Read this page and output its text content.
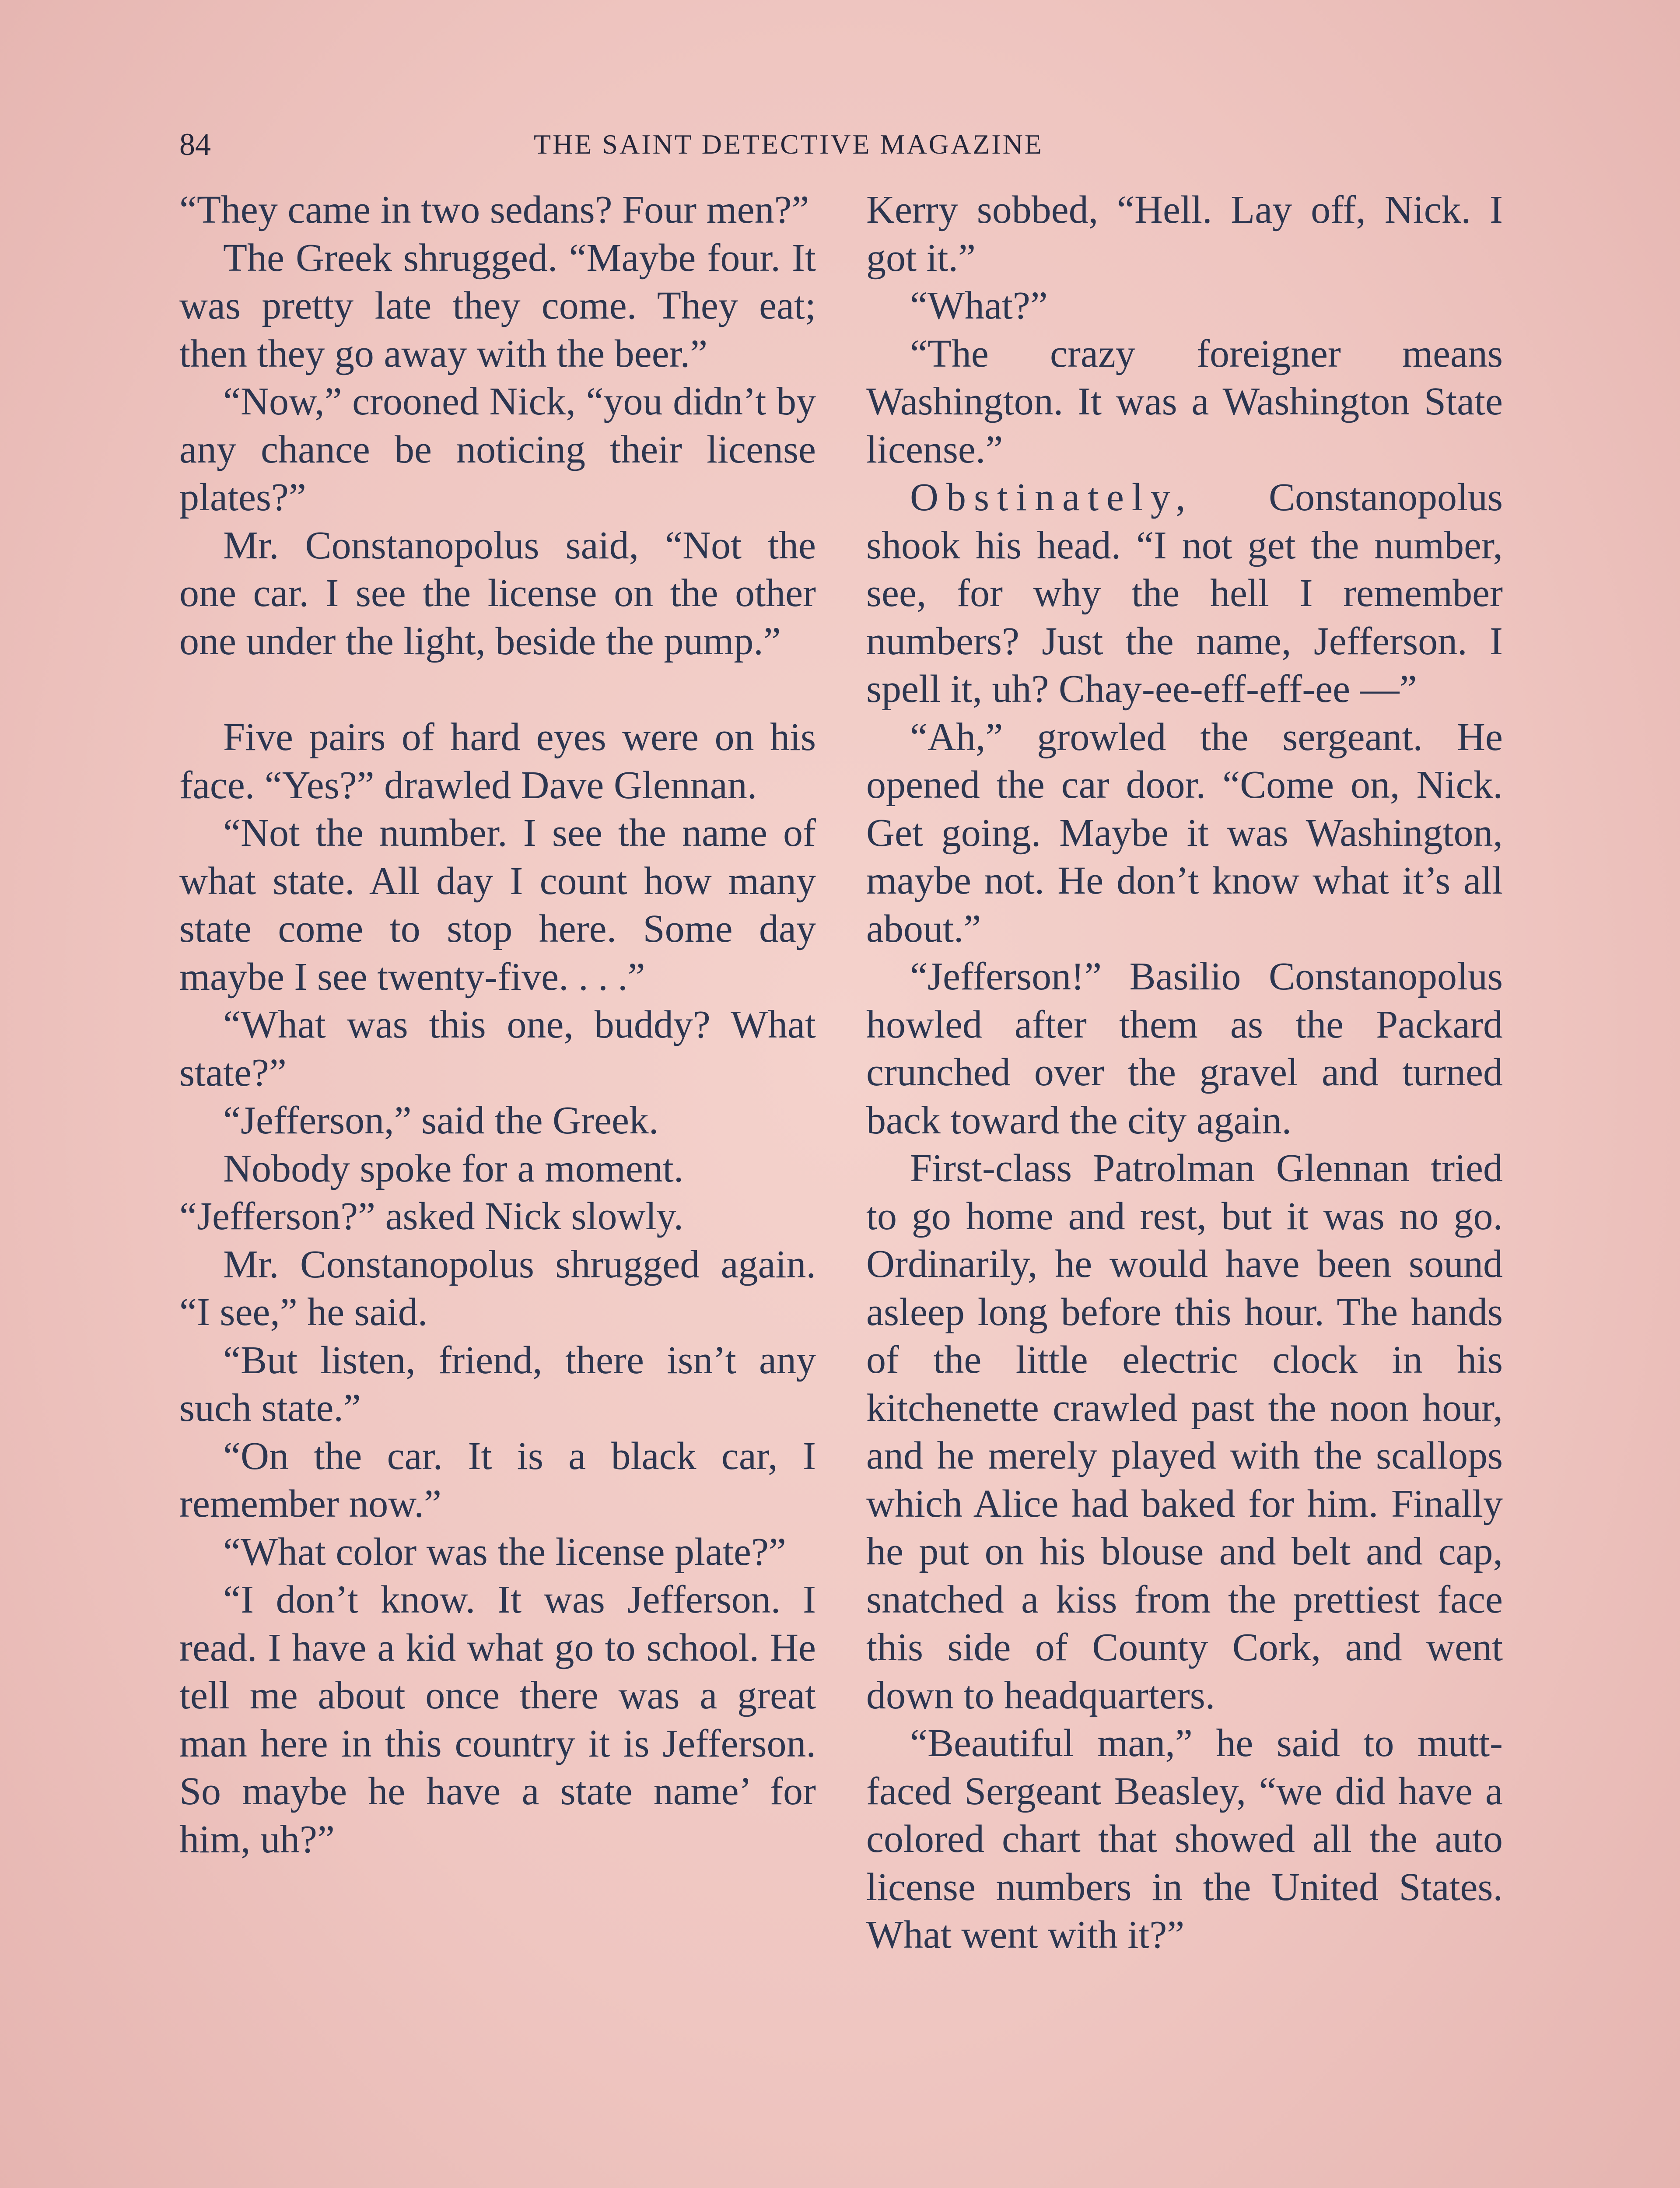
84	THE SAINT DETECTIVE MAGAZINE

“They came in two sedans? Four men?”

The Greek shrugged. “Maybe four. It was pretty late they come. They eat; then they go away with the beer.”

“Now,” crooned Nick, “you didn’t by any chance be noticing their license plates?”

Mr. Constanopolus said, “Not the one car. I see the license on the other one under the light, beside the pump.”

Five pairs of hard eyes were on his face. “Yes?” drawled Dave Glennan.

“Not the number. I see the name of what state. All day I count how many state come to stop here. Some day maybe I see twenty-five. . . .”

“What was this one, buddy? What state?”

“Jefferson,” said the Greek.

Nobody spoke for a moment.

“Jefferson?” asked Nick slowly.

Mr. Constanopolus shrugged again. “I see,” he said.

“But listen, friend, there isn’t any such state.”

“On the car. It is a black car, I remember now.”

“What color was the license plate?”

“I don’t know. It was Jefferson. I read. I have a kid what go to school. He tell me about once there was a great man here in this country it is Jefferson. So maybe he have a state name’ for him, uh?”

Kerry sobbed, “Hell. Lay off, Nick. I got it.”

“What?”

“The crazy foreigner means Washington. It was a Washington State license.”

Obstinately, Constanopolus shook his head. “I not get the number, see, for why the hell I remember numbers? Just the name, Jefferson. I spell it, uh? Chay-ee-eff-eff-ee —”

“Ah,” growled the sergeant. He opened the car door. “Come on, Nick. Get going. Maybe it was Washington, maybe not. He don’t know what it’s all about.”

“Jefferson!” Basilio Constanopolus howled after them as the Packard crunched over the gravel and turned back toward the city again.

First-class Patrolman Glennan tried to go home and rest, but it was no go. Ordinarily, he would have been sound asleep long before this hour. The hands of the little electric clock in his kitchenette crawled past the noon hour, and he merely played with the scallops which Alice had baked for him. Finally he put on his blouse and belt and cap, snatched a kiss from the prettiest face this side of County Cork, and went down to headquarters.

“Beautiful man,” he said to mutt-faced Sergeant Beasley, “we did have a colored chart that showed all the auto license numbers in the United States. What went with it?”
